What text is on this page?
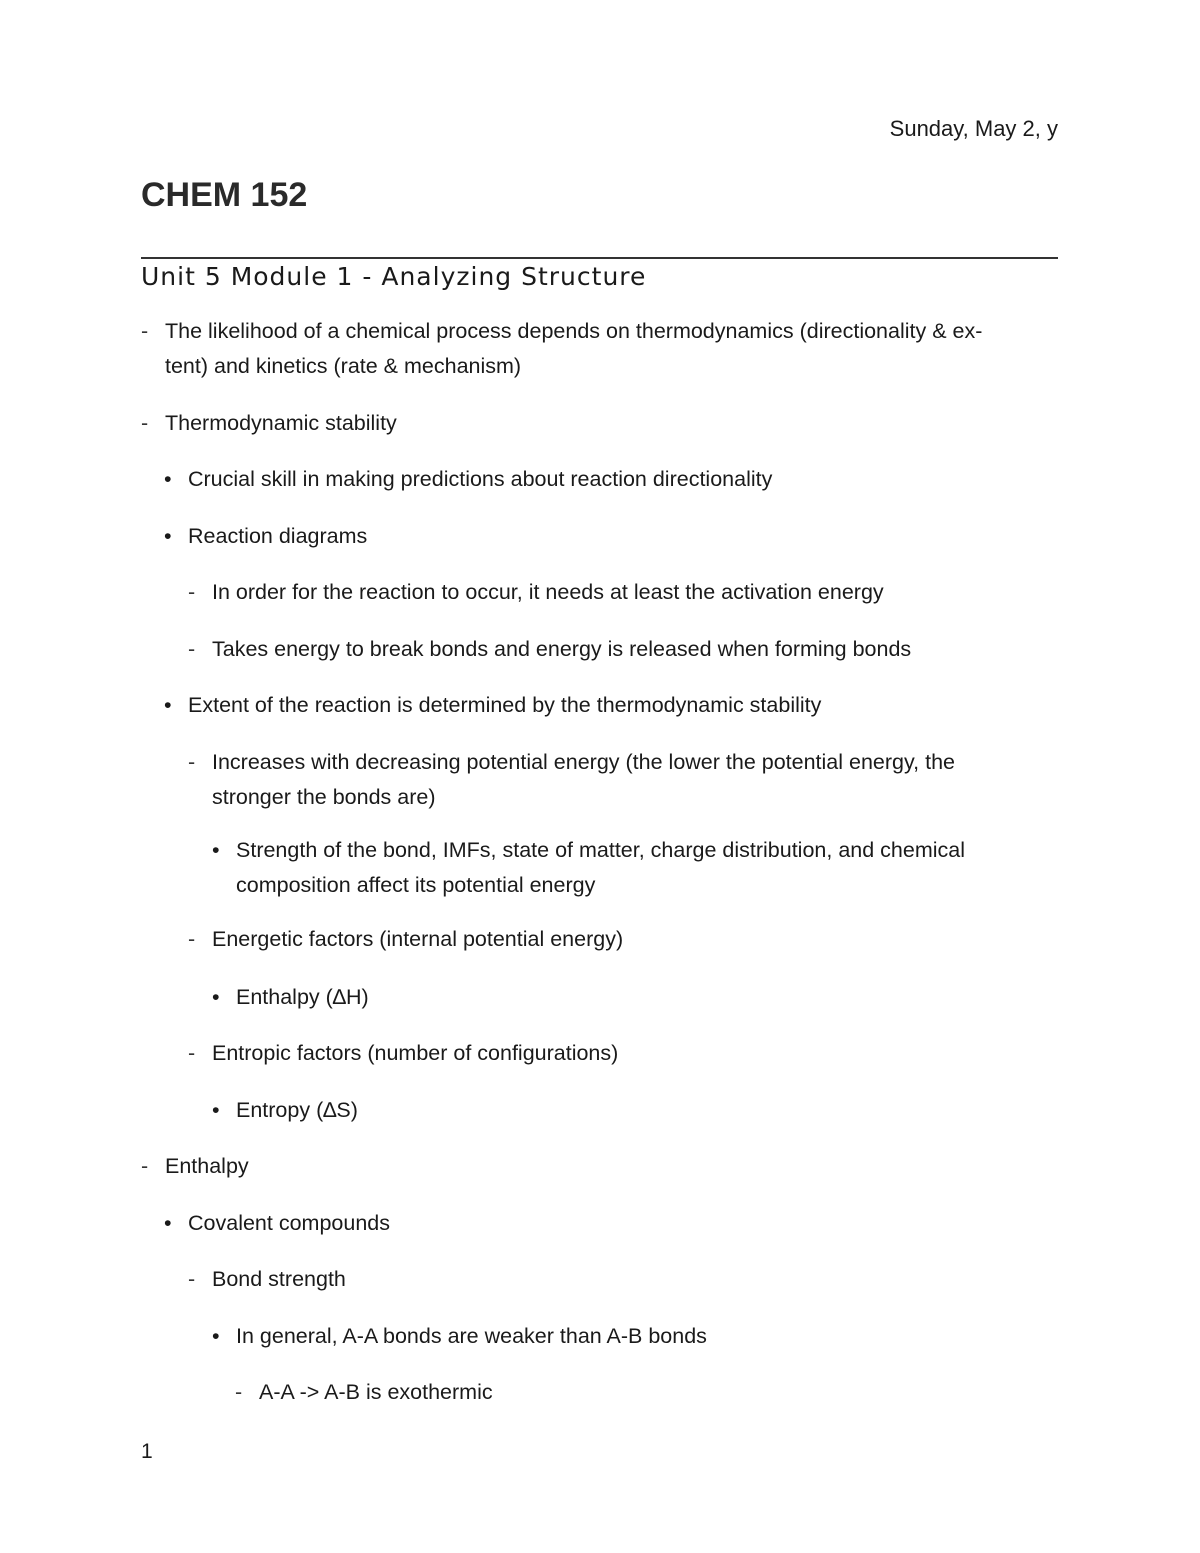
Sunday, May 2, y
CHEM 152
Unit 5 Module 1 - Analyzing Structure
- The likelihood of a chemical process depends on thermodynamics (directionality & ex-
tent) and kinetics (rate & mechanism)
- Thermodynamic stability
• Crucial skill in making predictions about reaction directionality
• Reaction diagrams
- In order for the reaction to occur, it needs at least the activation energy
- Takes energy to break bonds and energy is released when forming bonds
• Extent of the reaction is determined by the thermodynamic stability
- Increases with decreasing potential energy (the lower the potential energy, the
stronger the bonds are)
• Strength of the bond, IMFs, state of matter, charge distribution, and chemical
composition affect its potential energy
- Energetic factors (internal potential energy)
• Enthalpy (∆H)
- Entropic factors (number of configurations)
• Entropy (∆S)
- Enthalpy
• Covalent compounds
- Bond strength
• In general, A-A bonds are weaker than A-B bonds
- A-A -> A-B is exothermic
1
